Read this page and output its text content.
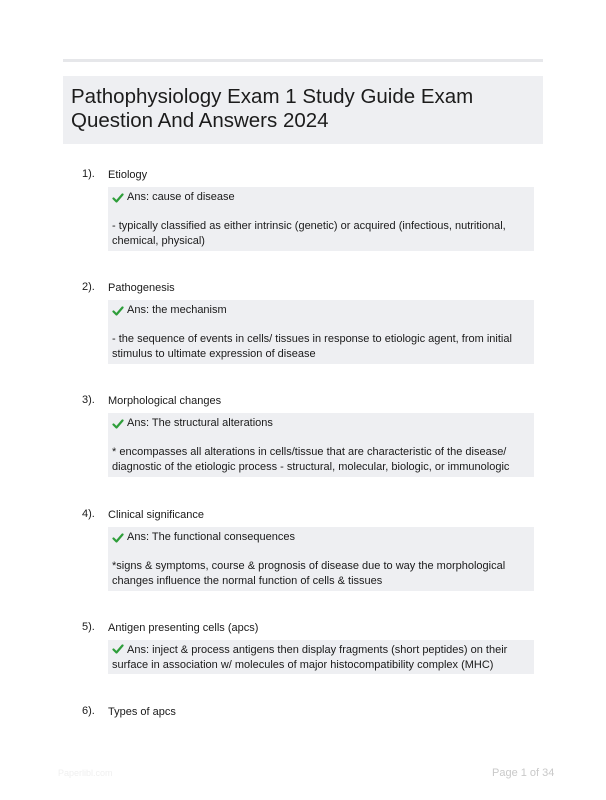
Pathophysiology Exam 1 Study Guide Exam Question And Answers 2024
1). Etiology
Ans: cause of disease
- typically classified as either intrinsic (genetic) or acquired (infectious, nutritional, chemical, physical)
2). Pathogenesis
Ans: the mechanism
- the sequence of events in cells/ tissues in response to etiologic agent, from initial stimulus to ultimate expression of disease
3). Morphological changes
Ans: The structural alterations
* encompasses all alterations in cells/tissue that are characteristic of the disease/ diagnostic of the etiologic process - structural, molecular, biologic, or immunologic
4). Clinical significance
Ans: The functional consequences
*signs & symptoms, course & prognosis of disease due to way the morphological changes influence the normal function of cells & tissues
5). Antigen presenting cells (apcs)
Ans: inject & process antigens then display fragments (short peptides) on their surface in association w/ molecules of major histocompatibility complex (MHC)
6). Types of apcs
Paperlibl.com	Page 1 of 34
